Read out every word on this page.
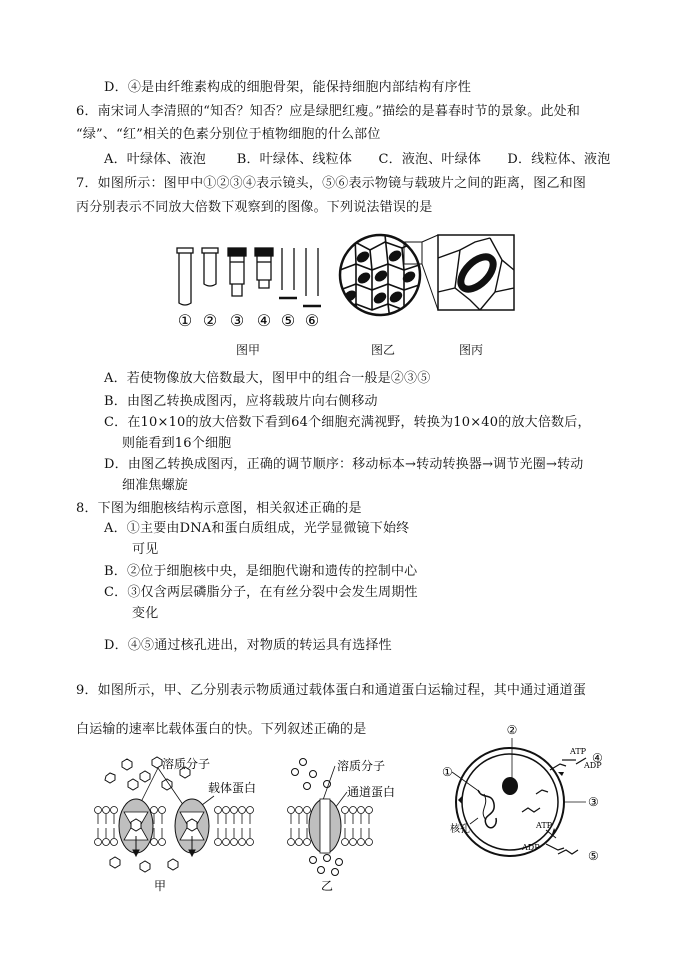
D．④是由纤维素构成的细胞骨架，能保持细胞内部结构有序性
6．南宋词人李清照的“知否？知否？应是绿肥红瘦。”描绘的是暮春时节的景象。此处和
“绿”、“红”相关的色素分别位于植物细胞的什么部位
A．叶绿体、液泡　　 B．叶绿体、线粒体　　C．液泡、叶绿体　　D．线粒体、液泡
7．如图所示：图甲中①②③④表示镜头，⑤⑥表示物镜与载玻片之间的距离，图乙和图
丙分别表示不同放大倍数下观察到的图像。下列说法错误的是
① ② ③ ④ ⑤ ⑥
图甲	图乙	图丙
A．若使物像放大倍数最大，图甲中的组合一般是②③⑤
B．由图乙转换成图丙，应将载玻片向右侧移动
C．在10×10的放大倍数下看到64个细胞充满视野，转换为10×40的放大倍数后，
则能看到16个细胞
D．由图乙转换成图丙，正确的调节顺序：移动标本→转动转换器→调节光圈→转动
细准焦螺旋
8．下图为细胞核结构示意图，相关叙述正确的是
A．①主要由DNA和蛋白质组成，光学显微镜下始终
可见
B．②位于细胞核中央，是细胞代谢和遗传的控制中心
C．③仅含两层磷脂分子，在有丝分裂中会发生周期性
变化
D．④⑤通过核孔进出，对物质的转运具有选择性
9．如图所示，甲、乙分别表示物质通过载体蛋白和通道蛋白运输过程，其中通过通道蛋
白运输的速率比载体蛋白的快。下列叙述正确的是
溶质分子
载体蛋白
甲
溶质分子
通道蛋白
乙
②
①
③
ATP
ADP
④
ATP
ADP
⑤
核孔
